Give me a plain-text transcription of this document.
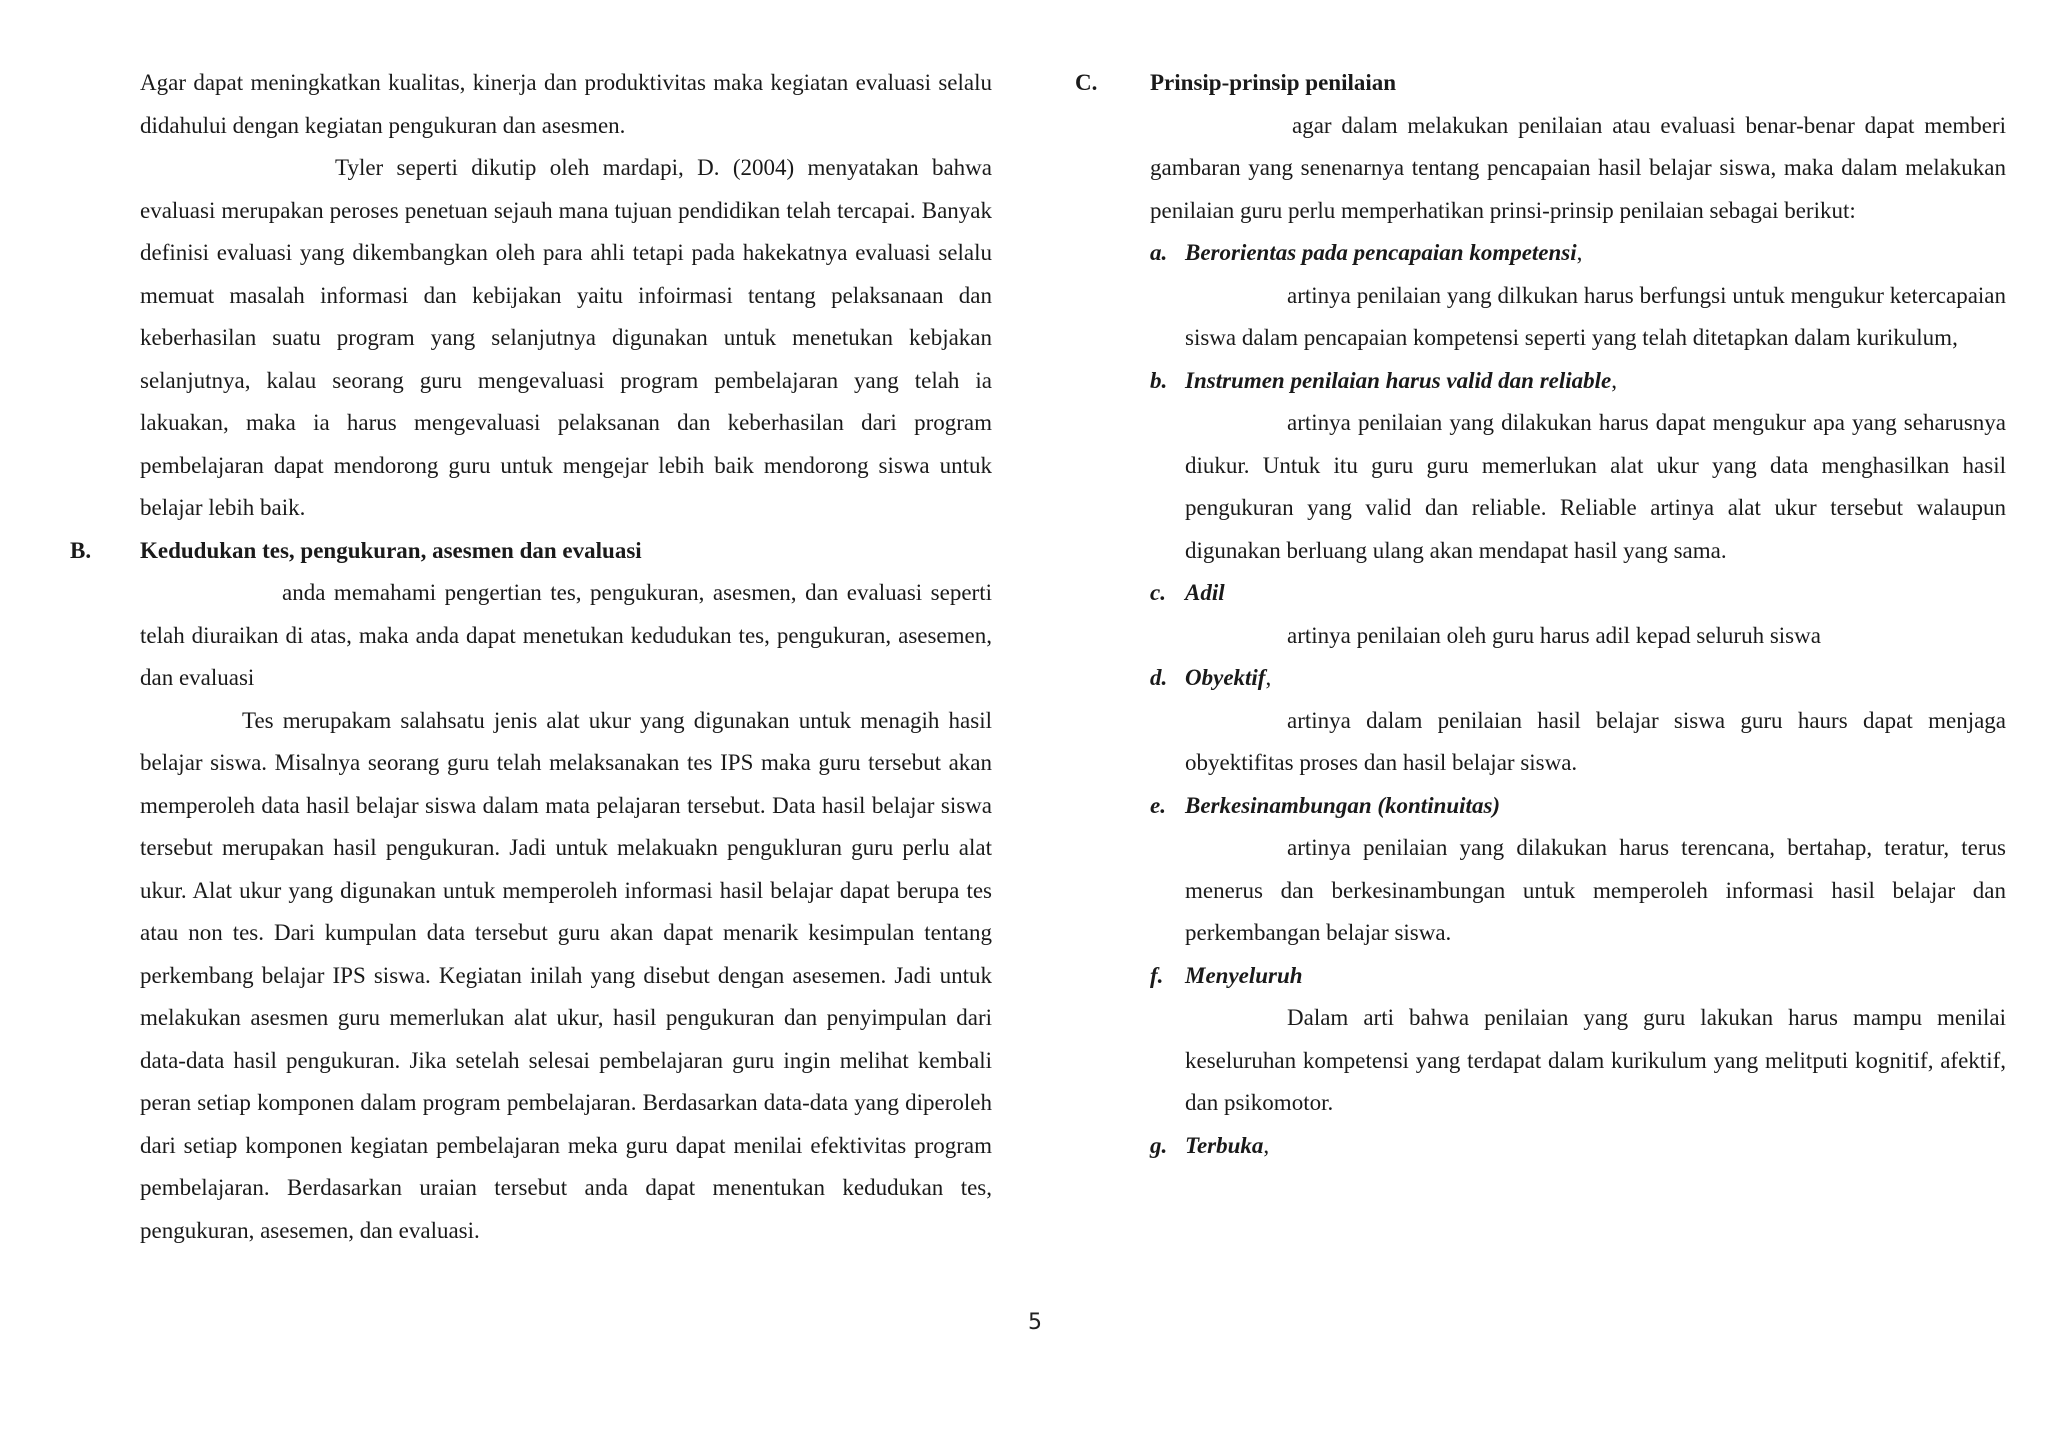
Agar dapat meningkatkan kualitas, kinerja dan produktivitas maka kegiatan evaluasi selalu didahului dengan kegiatan pengukuran dan asesmen.

Tyler seperti dikutip oleh mardapi, D. (2004) menyatakan bahwa evaluasi merupakan peroses penetuan sejauh mana tujuan pendidikan telah tercapai. Banyak definisi evaluasi yang dikembangkan oleh para ahli tetapi pada hakekatnya evaluasi selalu memuat masalah informasi dan kebijakan yaitu infoirmasi tentang pelaksanaan dan keberhasilan suatu program yang selanjutnya digunakan untuk menetukan kebjakan selanjutnya, kalau seorang guru mengevaluasi program pembelajaran yang telah ia lakuakan, maka ia harus mengevaluasi pelaksanan dan keberhasilan dari program pembelajaran dapat mendorong guru untuk mengejar lebih baik mendorong siswa untuk belajar lebih baik.

B. Kedudukan tes, pengukuran, asesmen dan evaluasi

anda memahami pengertian tes, pengukuran, asesmen, dan evaluasi seperti telah diuraikan di atas, maka anda dapat menetukan kedudukan tes, pengukuran, asesemen, dan evaluasi

Tes merupakam salahsatu jenis alat ukur yang digunakan untuk menagih hasil belajar siswa. Misalnya seorang guru telah melaksanakan tes IPS maka guru tersebut akan memperoleh data hasil belajar siswa dalam mata pelajaran tersebut. Data hasil belajar siswa tersebut merupakan hasil pengukuran. Jadi untuk melakuakn pengukluran guru perlu alat ukur. Alat ukur yang digunakan untuk memperoleh informasi hasil belajar dapat berupa tes atau non tes. Dari kumpulan data tersebut guru akan dapat menarik kesimpulan tentang perkembang belajar IPS siswa. Kegiatan inilah yang disebut dengan asesemen. Jadi untuk melakukan asesmen guru memerlukan alat ukur, hasil pengukuran dan penyimpulan dari data-data hasil pengukuran. Jika setelah selesai pembelajaran guru ingin melihat kembali peran setiap komponen dalam program pembelajaran. Berdasarkan data-data yang diperoleh dari setiap komponen kegiatan pembelajaran meka guru dapat menilai efektivitas program pembelajaran. Berdasarkan uraian tersebut anda dapat menentukan kedudukan tes, pengukuran, asesemen, dan evaluasi.

C. Prinsip-prinsip penilaian

agar dalam melakukan penilaian atau evaluasi benar-benar dapat memberi gambaran yang senenarnya tentang pencapaian hasil belajar siswa, maka dalam melakukan penilaian guru perlu memperhatikan prinsi-prinsip penilaian sebagai berikut:

a. Berorientas pada pencapaian kompetensi,

artinya penilaian yang dilkukan harus berfungsi untuk mengukur ketercapaian siswa dalam pencapaian kompetensi seperti yang telah ditetapkan dalam kurikulum,

b. Instrumen penilaian harus valid dan reliable,

artinya penilaian yang dilakukan harus dapat mengukur apa yang seharusnya diukur. Untuk itu guru guru memerlukan alat ukur yang data menghasilkan hasil pengukuran yang valid dan reliable. Reliable artinya alat ukur tersebut walaupun digunakan berluang ulang akan mendapat hasil yang sama.

c. Adil

artinya penilaian oleh guru harus adil kepad seluruh siswa

d. Obyektif,

artinya dalam penilaian hasil belajar siswa guru haurs dapat menjaga obyektifitas proses dan hasil belajar siswa.

e. Berkesinambungan (kontinuitas)

artinya penilaian yang dilakukan harus terencana, bertahap, teratur, terus menerus dan berkesinambungan untuk memperoleh informasi hasil belajar dan perkembangan belajar siswa.

f. Menyeluruh

Dalam arti bahwa penilaian yang guru lakukan harus mampu menilai keseluruhan kompetensi yang terdapat dalam kurikulum yang melitputi kognitif, afektif, dan psikomotor.

g. Terbuka,

5
